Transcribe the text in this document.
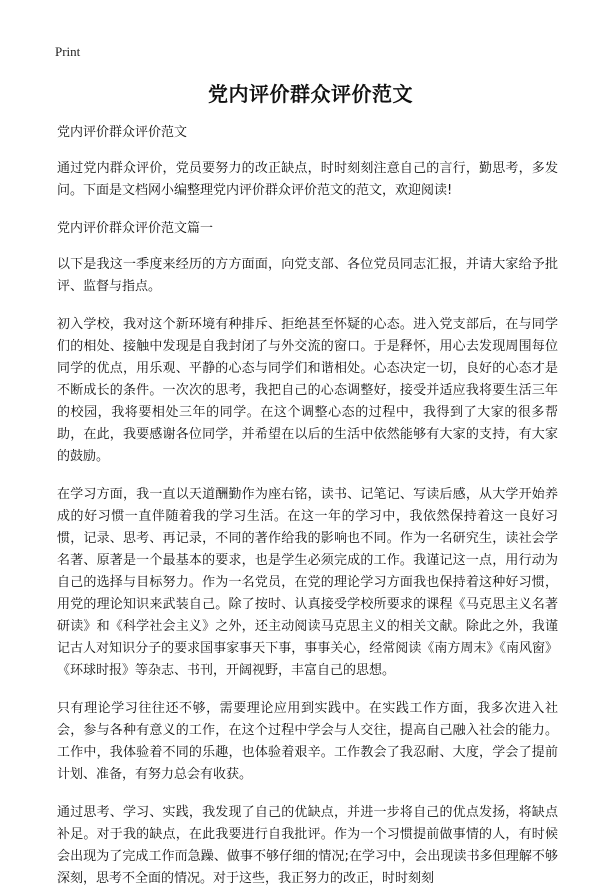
Print
党内评价群众评价范文
党内评价群众评价范文
通过党内群众评价，党员要努力的改正缺点，时时刻刻注意自己的言行，勤思考，多发问。下面是文档网小编整理党内评价群众评价范文的范文，欢迎阅读!
党内评价群众评价范文篇一
以下是我这一季度来经历的方方面面，向党支部、各位党员同志汇报，并请大家给予批评、监督与指点。
初入学校，我对这个新环境有种排斥、拒绝甚至怀疑的心态。进入党支部后，在与同学们的相处、接触中发现是自我封闭了与外交流的窗口。于是释怀，用心去发现周围每位同学的优点，用乐观、平静的心态与同学们和谐相处。心态决定一切，良好的心态才是不断成长的条件。一次次的思考，我把自己的心态调整好，接受并适应我将要生活三年的校园，我将要相处三年的同学。在这个调整心态的过程中，我得到了大家的很多帮助，在此，我要感谢各位同学，并希望在以后的生活中依然能够有大家的支持，有大家的鼓励。
在学习方面，我一直以天道酬勤作为座右铭，读书、记笔记、写读后感，从大学开始养成的好习惯一直伴随着我的学习生活。在这一年的学习中，我依然保持着这一良好习惯，记录、思考、再记录，不同的著作给我的影响也不同。作为一名研究生，读社会学名著、原著是一个最基本的要求，也是学生必须完成的工作。我谨记这一点，用行动为自己的选择与目标努力。作为一名党员，在党的理论学习方面我也保持着这种好习惯，用党的理论知识来武装自己。除了按时、认真接受学校所要求的课程《马克思主义名著研读》和《科学社会主义》之外，还主动阅读马克思主义的相关文献。除此之外，我谨记古人对知识分子的要求国事家事天下事，事事关心，经常阅读《南方周末》《南风窗》《环球时报》等杂志、书刊，开阔视野，丰富自己的思想。
只有理论学习往往还不够，需要理论应用到实践中。在实践工作方面，我多次进入社会，参与各种有意义的工作，在这个过程中学会与人交往，提高自己融入社会的能力。工作中，我体验着不同的乐趣，也体验着艰辛。工作教会了我忍耐、大度，学会了提前计划、准备，有努力总会有收获。
通过思考、学习、实践，我发现了自己的优缺点，并进一步将自己的优点发扬，将缺点补足。对于我的缺点，在此我要进行自我批评。作为一个习惯提前做事情的人，有时候会出现为了完成工作而急躁、做事不够仔细的情况;在学习中，会出现读书多但理解不够深刻，思考不全面的情况。对于这些，我正努力的改正，时时刻刻
